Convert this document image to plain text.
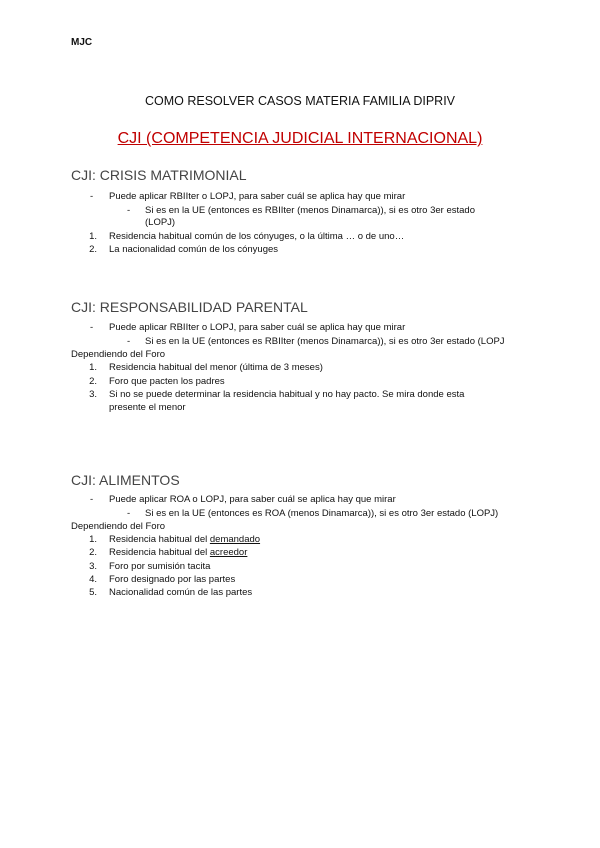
MJC
COMO RESOLVER CASOS MATERIA FAMILIA DIPRIV
CJI (COMPETENCIA JUDICIAL INTERNACIONAL)
CJI: CRISIS MATRIMONIAL
- Puede aplicar RBIIter o LOPJ, para saber cuál se aplica hay que mirar
- Si es en la UE (entonces es RBIIter (menos Dinamarca)), si es otro 3er estado
(LOPJ)
1. Residencia habitual común de los cónyuges, o la última … o de uno…
2. La nacionalidad común de los cónyuges
CJI: RESPONSABILIDAD PARENTAL
- Puede aplicar RBIIter o LOPJ, para saber cuál se aplica hay que mirar
- Si es en la UE (entonces es RBIIter (menos Dinamarca)), si es otro 3er estado (LOPJ
Dependiendo del Foro
1. Residencia habitual del menor (última de 3 meses)
2. Foro que pacten los padres
3. Si no se puede determinar la residencia habitual y no hay pacto. Se mira donde esta
presente el menor
CJI: ALIMENTOS
- Puede aplicar ROA o LOPJ, para saber cuál se aplica hay que mirar
- Si es en la UE (entonces es ROA (menos Dinamarca)), si es otro 3er estado (LOPJ)
Dependiendo del Foro
1. Residencia habitual del demandado
2. Residencia habitual del acreedor
3. Foro por sumisión tacita
4. Foro designado por las partes
5. Nacionalidad común de las partes
